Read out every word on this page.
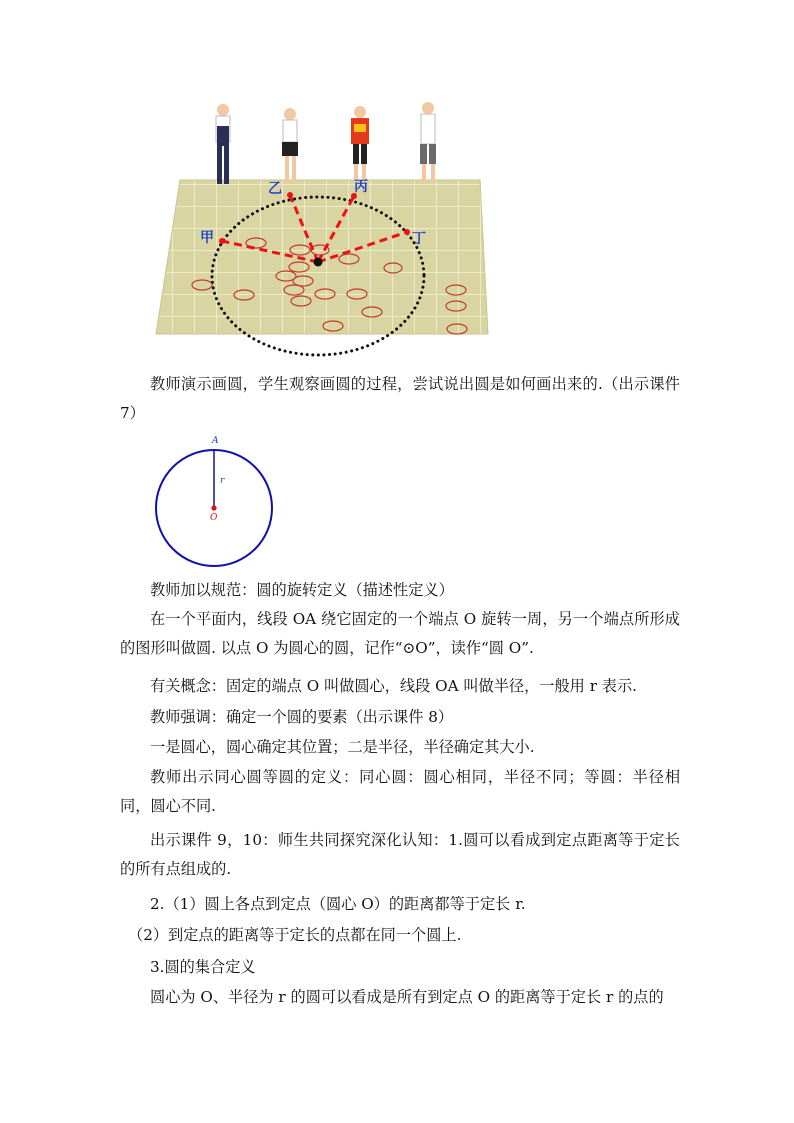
甲
乙	丙
丁

教师演示画圆，学生观察画圆的过程，尝试说出圆是如何画出来的.（出示课件 7）

A
r
O

教师加以规范：圆的旋转定义（描述性定义）

在一个平面内，线段 OA 绕它固定的一个端点 O 旋转一周，另一个端点所形成的图形叫做圆. 以点 O 为圆心的圆，记作“⊙O”，读作“圆 O”.

有关概念：固定的端点 O 叫做圆心，线段 OA 叫做半径，一般用 r 表示.

教师强调：确定一个圆的要素（出示课件 8）

一是圆心，圆心确定其位置；二是半径，半径确定其大小.

教师出示同心圆等圆的定义：同心圆：圆心相同，半径不同；等圆：半径相同，圆心不同.

出示课件 9，10：师生共同探究深化认知：1.圆可以看成到定点距离等于定长的所有点组成的.

2.（1）圆上各点到定点（圆心 O）的距离都等于定长 r.

（2）到定点的距离等于定长的点都在同一个圆上.

3.圆的集合定义

圆心为 O、半径为 r 的圆可以看成是所有到定点 O 的距离等于定长 r 的点的
